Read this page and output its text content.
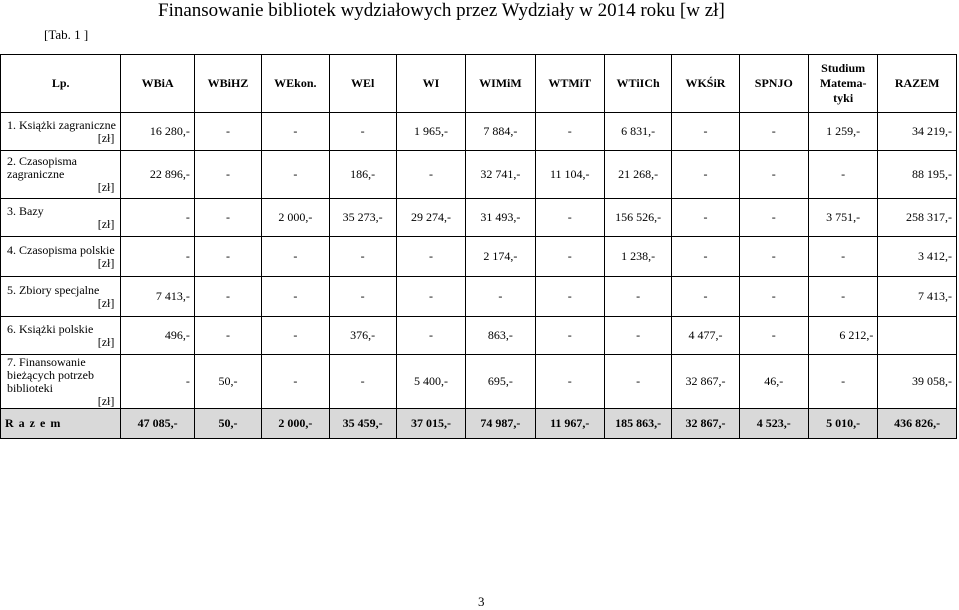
[Tab. 1 ]
Finansowanie bibliotek wydziałowych przez Wydziały w 2014 roku [w zł]
Lp.	WBiA	WBiHZ	WEkon.	WEl	WI	WIMiM	WTMiT	WTiICh	WKŚiR	SPNJO	Studium Matema-tyki	RAZEM

1. Książki zagraniczne
[zł]	16 280,-	-	-	-	1 965,-	7 884,-	-	6 831,-	-	-	1 259,-	34 219,-

2. Czasopisma zagraniczne
[zł]	22 896,-	-	-	186,-	-	32 741,-	11 104,-	21 268,-	-	-	-	88 195,-

3. Bazy
[zł]	-	-	2 000,-	35 273,-	29 274,-	31 493,-	-	156 526,-	-	-	3 751,-	258 317,-

4. Czasopisma polskie
[zł]	-	-	-	-	-	2 174,-	-	1 238,-	-	-	-	3 412,-

5. Zbiory specjalne
[zł]	7 413,-	-	-	-	-	-	-	-	-	-	-	7 413,-

6. Książki polskie
[zł]	496,-	-	-	376,-	-	863,-	-	-	4 477,-	-	6 212,-	

7. Finansowanie bieżących potrzeb biblioteki
[zł]	-	50,-	-	-	5 400,-	695,-	-	-	32 867,-	46,-	-	39 058,-
R a z e m	47 085,-	50,-	2 000,-	35 459,-	37 015,-	74 987,-	11 967,-	185 863,-	32 867,-	4 523,-	5 010,-	436 826,-
3
